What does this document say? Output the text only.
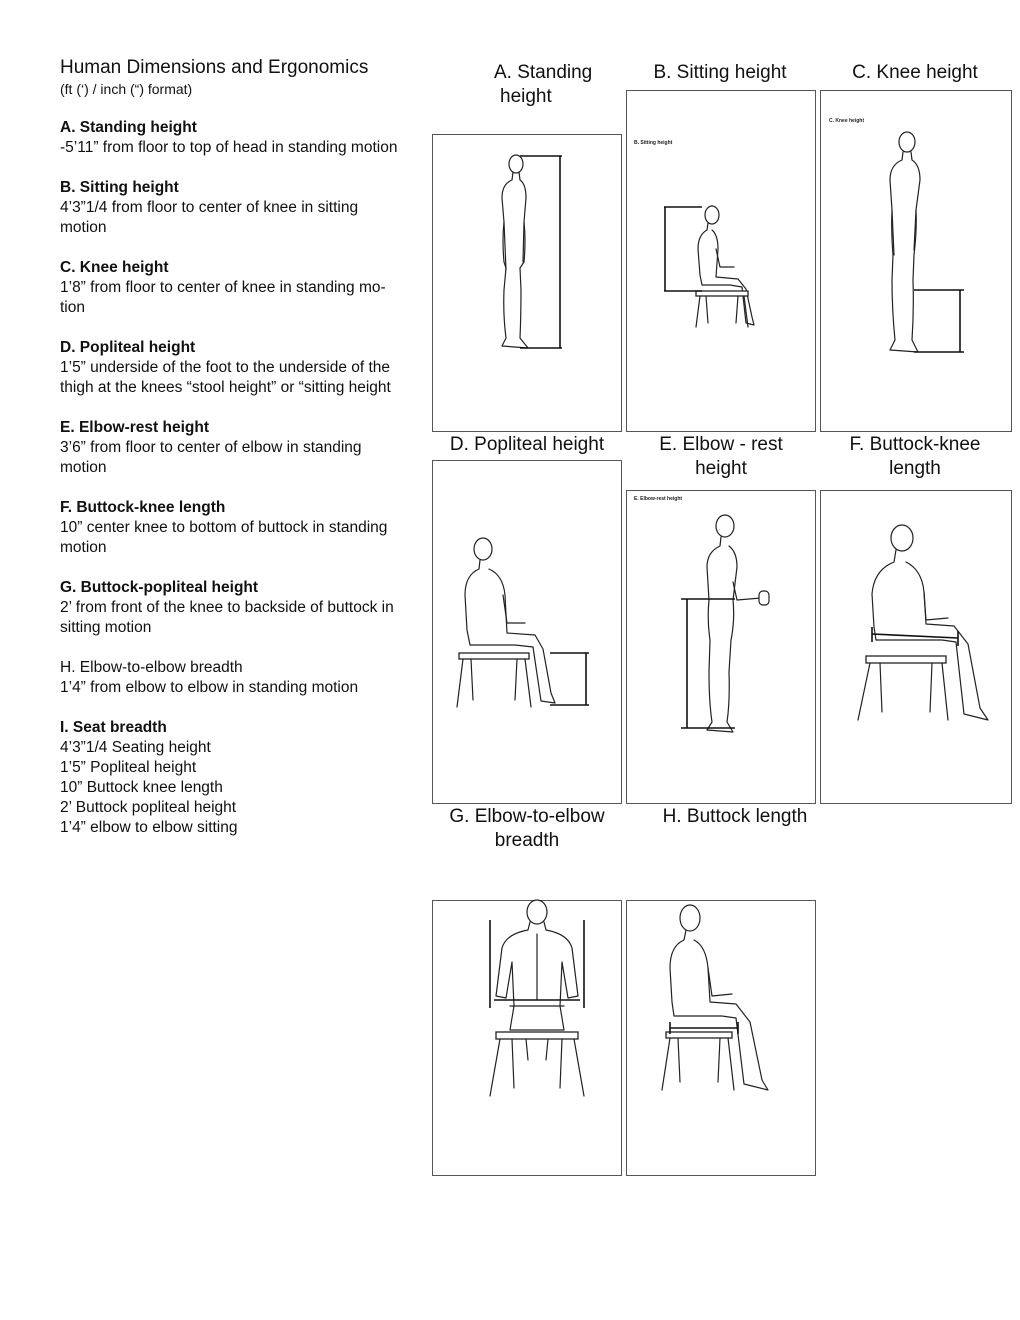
Human Dimensions and Ergonomics

(ft (‘) / inch (“) format)

A. Standing height
-5’11” from floor to top of head in standing motion
B. Sitting height
4’3”1/4 from floor to center of knee in sitting
motion
C. Knee height
1’8” from floor to center of knee in standing mo-
tion
D. Popliteal height
1’5” underside of the foot to the underside of the
thigh at the knees “stool height” or “sitting height
E. Elbow-rest height
3’6” from floor to center of elbow in standing
motion
F. Buttock-knee length
10” center knee to bottom of buttock in standing
motion
G. Buttock-popliteal height
2’ from front of the knee to backside of buttock in
sitting motion
H. Elbow-to-elbow breadth
1’4” from elbow to elbow in standing motion
I. Seat breadth
4’3”1/4 Seating height
1’5” Popliteal height
10” Buttock knee length
2’ Buttock popliteal height
1’4” elbow to elbow sitting
A. Standing
height
B. Sitting height	C. Knee height
D. Popliteal height	E. Elbow - rest
height
F. Buttock-knee
length
G. Elbow-to-elbow
breadth
H. Buttock length
B. Sitting height
C. Knee height
E. Elbow-rest height
